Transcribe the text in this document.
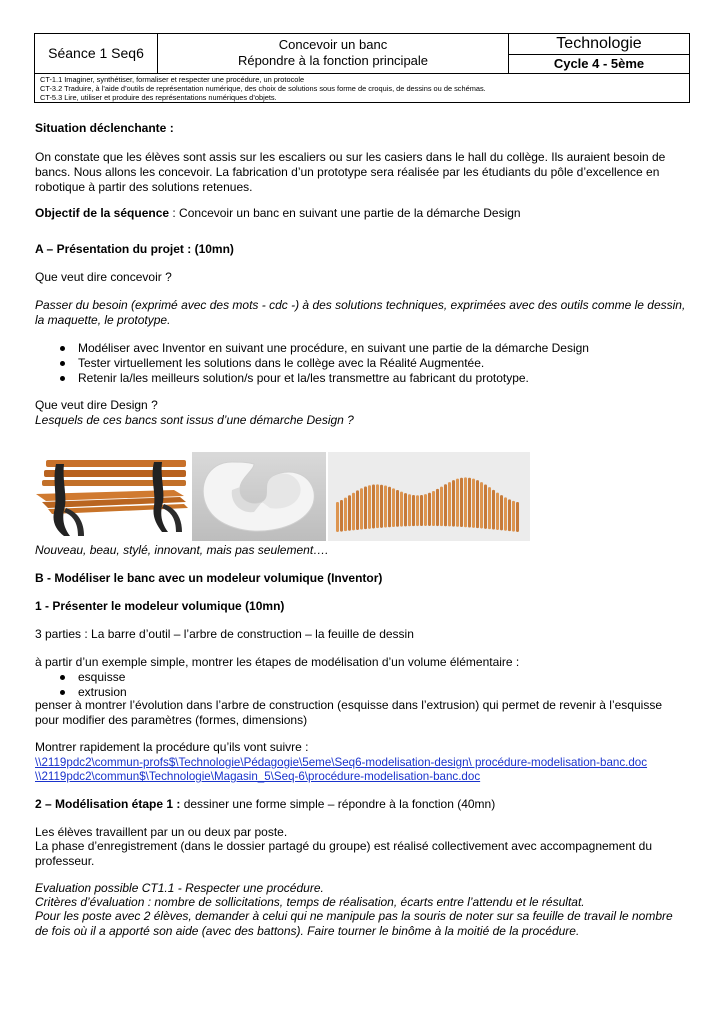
Séance 1 Seq6
Concevoir un banc
Répondre à la fonction principale
Technologie
Cycle 4 - 5ème
CT-1.1 Imaginer, synthétiser, formaliser et respecter une procédure, un protocole
CT-3.2 Traduire, à l’aide d’outils de représentation numérique, des choix de solutions sous forme de croquis, de dessins ou de schémas.
CT-5.3 Lire, utiliser et produire des représentations numériques d’objets.
Situation déclenchante :
On constate que les élèves sont assis sur les escaliers ou sur les casiers dans le hall du collège. Ils auraient besoin de bancs. Nous allons les concevoir. La fabrication d’un prototype sera réalisée par les étudiants du pôle d’excellence en robotique à partir des solutions retenues.
Objectif de la séquence : Concevoir un banc en suivant une partie de la démarche Design
A – Présentation du projet : (10mn)
Que veut dire concevoir ?
Passer du besoin (exprimé avec des mots - cdc -) à des solutions techniques, exprimées avec des outils comme le dessin, la maquette, le prototype.
Modéliser avec Inventor en suivant une procédure, en suivant une partie de la démarche Design
Tester virtuellement les solutions dans le collège avec la Réalité Augmentée.
Retenir la/les meilleurs solution/s pour et la/les transmettre au fabricant du prototype.
Que veut dire Design ?
Lesquels de ces bancs sont issus d’une démarche Design ?
Nouveau, beau, stylé, innovant, mais pas seulement….
B - Modéliser le banc avec un modeleur volumique (Inventor)
1 - Présenter le modeleur volumique (10mn)
3 parties : La barre d’outil – l’arbre de construction – la feuille de dessin
à partir d’un exemple simple, montrer les étapes de modélisation d’un volume élémentaire :
esquisse
extrusion
penser à montrer l’évolution dans l’arbre de construction (esquisse dans l’extrusion) qui permet de revenir à l’esquisse pour modifier des paramètres (formes, dimensions)
Montrer rapidement la procédure qu’ils vont suivre :
\\2119pdc2\commun-profs$\Technologie\Pédagogie\5eme\Seq6-modelisation-design\ procédure-modelisation-banc.doc
\\2119pdc2\commun$\Technologie\Magasin_5\Seq-6\procédure-modelisation-banc.doc
2 – Modélisation étape 1 : dessiner une forme simple – répondre à la fonction (40mn)
Les élèves travaillent par un ou deux par poste.
La phase d’enregistrement (dans le dossier partagé du groupe) est réalisé collectivement avec accompagnement du professeur.
Evaluation possible CT1.1 - Respecter une procédure.
Critères d’évaluation : nombre de sollicitations, temps de réalisation, écarts entre l’attendu et le résultat.
Pour les poste avec 2 élèves, demander à celui qui ne manipule pas la souris de noter sur sa feuille de travail le nombre de fois où il a apporté son aide (avec des battons). Faire tourner le binôme à la moitié de la procédure.
